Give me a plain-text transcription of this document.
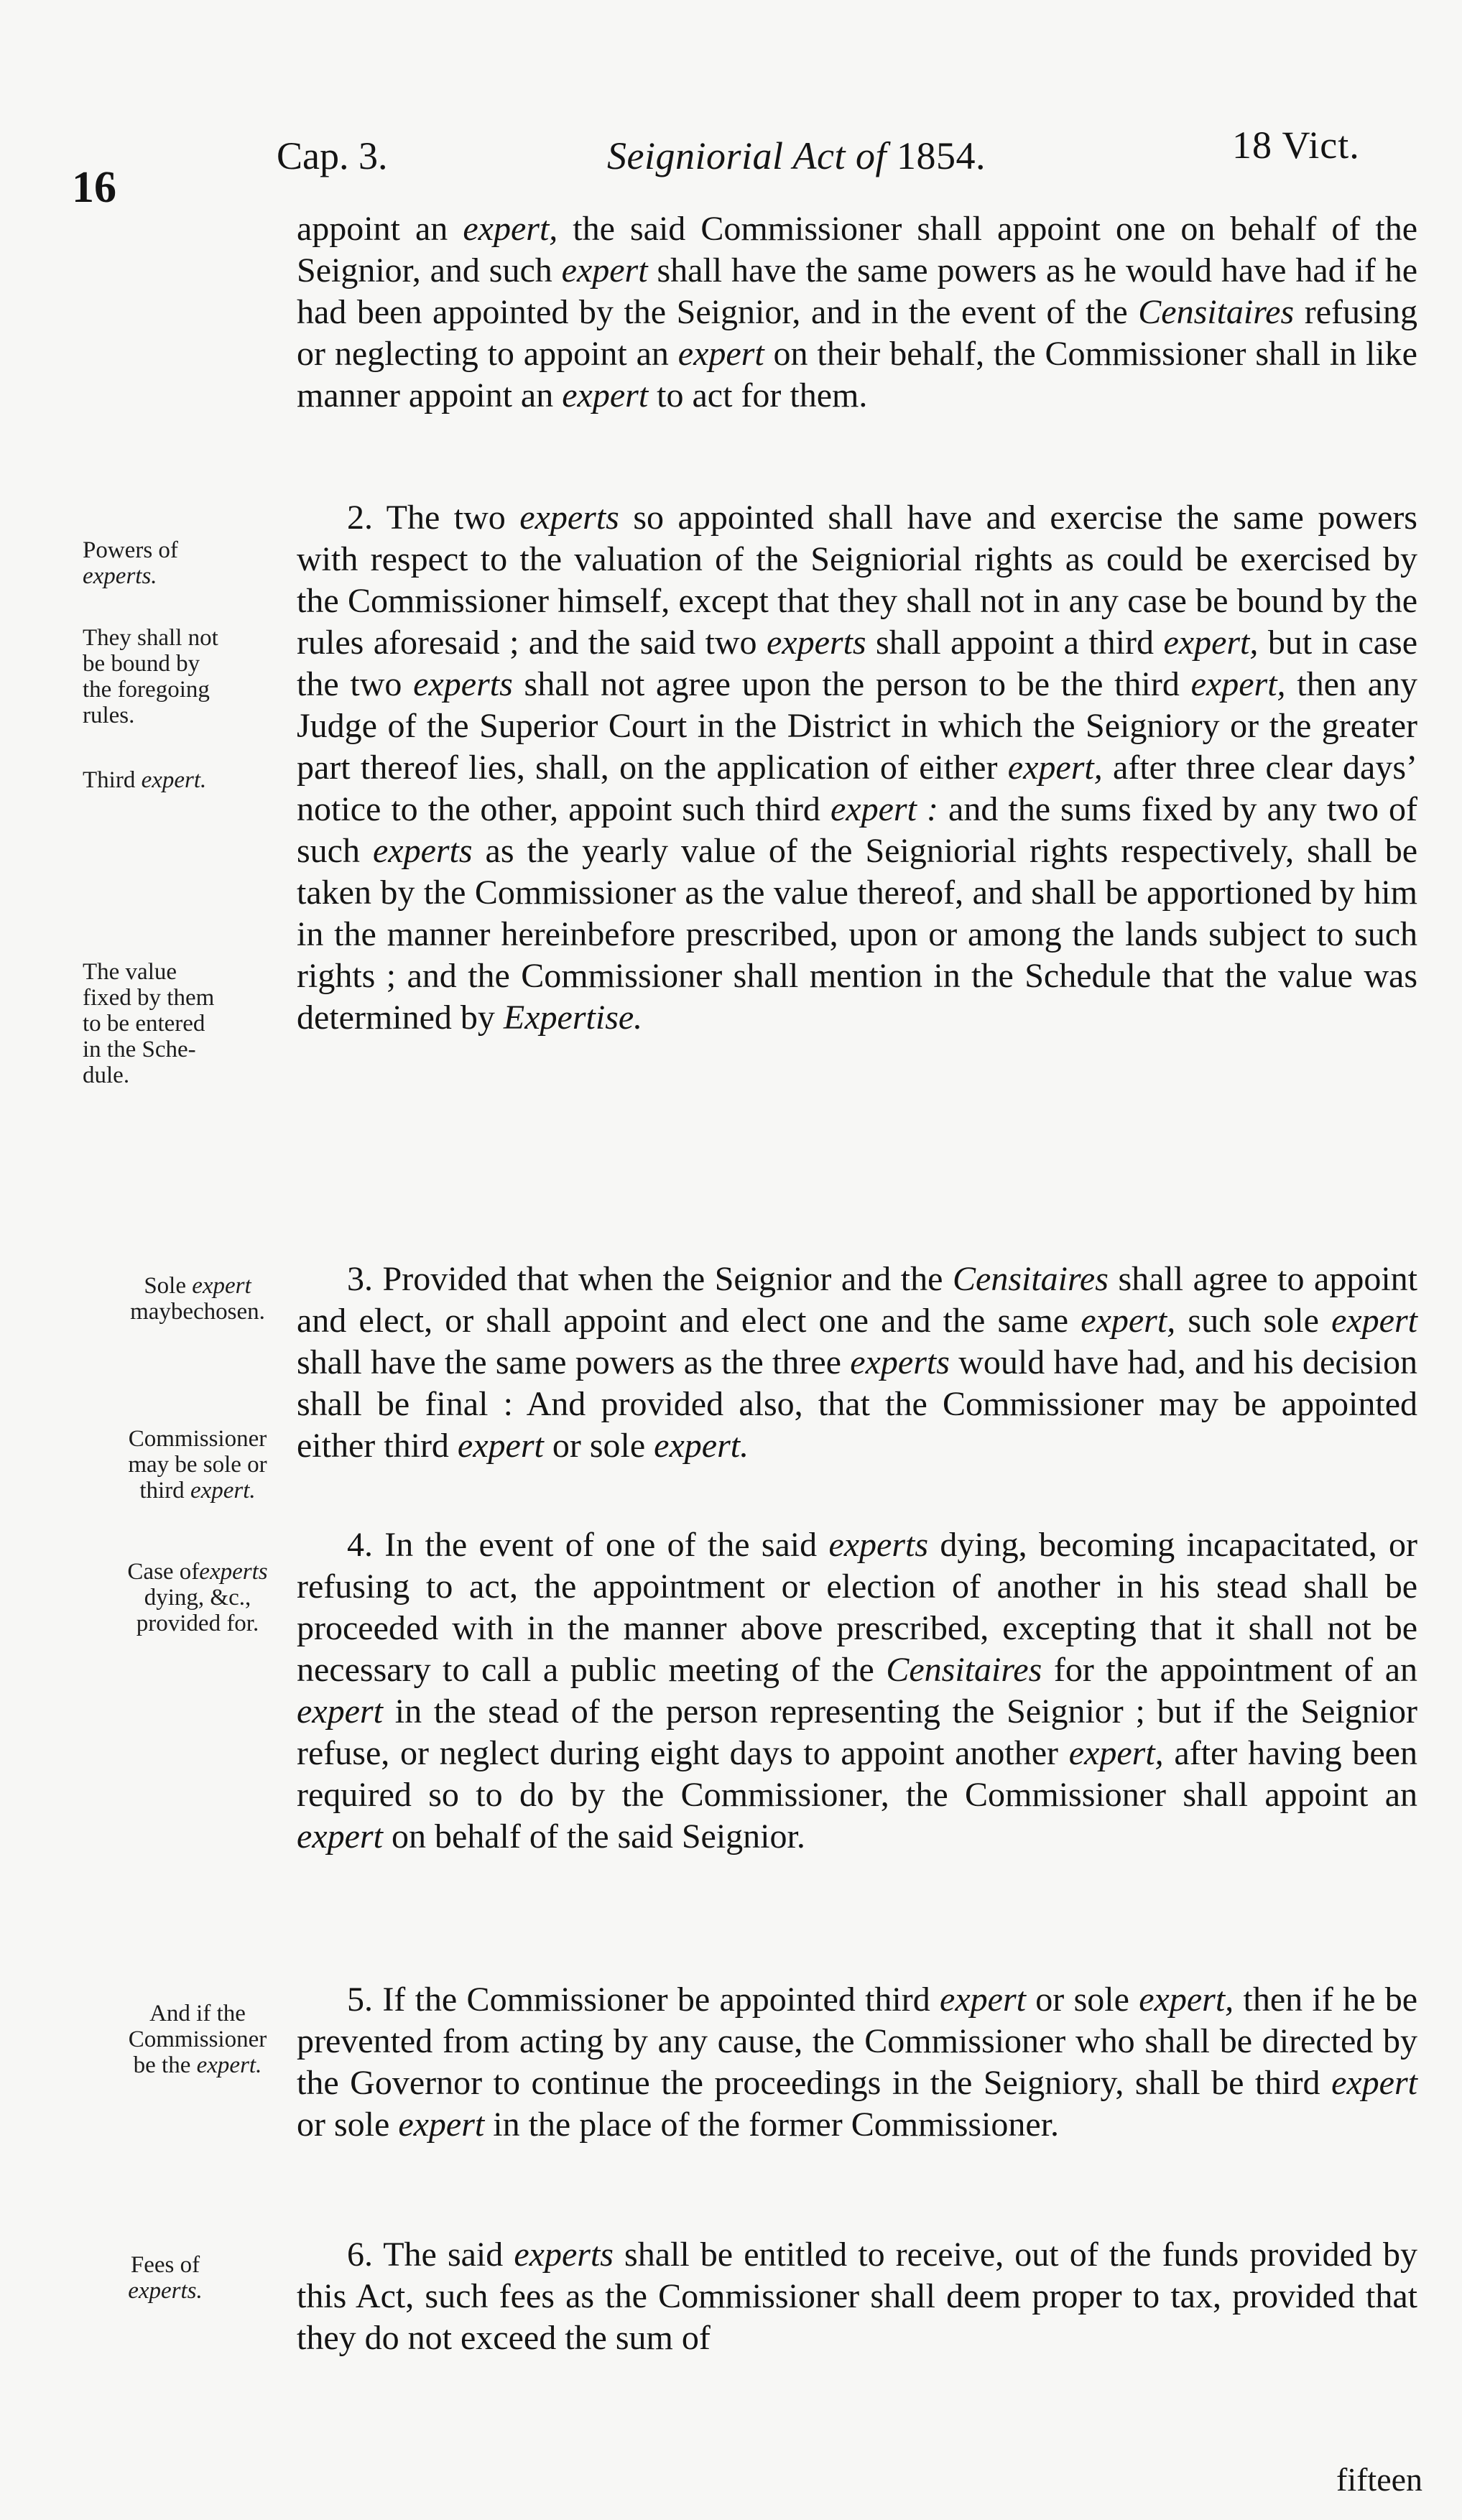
16
Cap. 3.	Seigniorial Act of 1854.	18 Vict.
Powers of
experts.
They shall not
be bound by
the foregoing
rules.
Third expert.
The value
fixed by them
to be entered
in the Sche-
dule.
Sole expert
maybechosen.
Commissioner
may be sole or
third expert.
Case ofexperts
dying, &c.,
provided for.
And if the
Commissioner
be the expert.
Fees of
experts.

appoint an expert, the said Commissioner shall appoint one on behalf of the Seignior, and such expert shall have the same powers as he would have had if he had been appointed by the Seignior, and in the event of the Censitaires refusing or neglecting to appoint an expert on their behalf, the Commissioner shall in like manner appoint an expert to act for them.

2. The two experts so appointed shall have and exercise the same powers with respect to the valuation of the Seigniorial rights as could be exercised by the Commissioner himself, except that they shall not in any case be bound by the rules aforesaid ; and the said two experts shall appoint a third expert, but in case the two experts shall not agree upon the person to be the third expert, then any Judge of the Superior Court in the District in which the Seigniory or the greater part thereof lies, shall, on the application of either expert, after three clear days’ notice to the other, appoint such third expert : and the sums fixed by any two of such experts as the yearly value of the Seigniorial rights respectively, shall be taken by the Commissioner as the value thereof, and shall be apportioned by him in the manner hereinbefore prescribed, upon or among the lands subject to such rights ; and the Commissioner shall mention in the Schedule that the value was determined by Expertise.

3. Provided that when the Seignior and the Censitaires shall agree to appoint and elect, or shall appoint and elect one and the same expert, such sole expert shall have the same powers as the three experts would have had, and his decision shall be final : And provided also, that the Commissioner may be appointed either third expert or sole expert.

4. In the event of one of the said experts dying, becoming incapacitated, or refusing to act, the appointment or election of another in his stead shall be proceeded with in the manner above prescribed, excepting that it shall not be necessary to call a public meeting of the Censitaires for the appointment of an expert in the stead of the person representing the Seignior ; but if the Seignior refuse, or neglect during eight days to appoint another expert, after having been required so to do by the Commissioner, the Commissioner shall appoint an expert on behalf of the said Seignior.

5. If the Commissioner be appointed third expert or sole expert, then if he be prevented from acting by any cause, the Commissioner who shall be directed by the Governor to continue the proceedings in the Seigniory, shall be third expert or sole expert in the place of the former Commissioner.

6. The said experts shall be entitled to receive, out of the funds provided by this Act, such fees as the Commissioner shall deem proper to tax, provided that they do not exceed the sum of

fifteen
